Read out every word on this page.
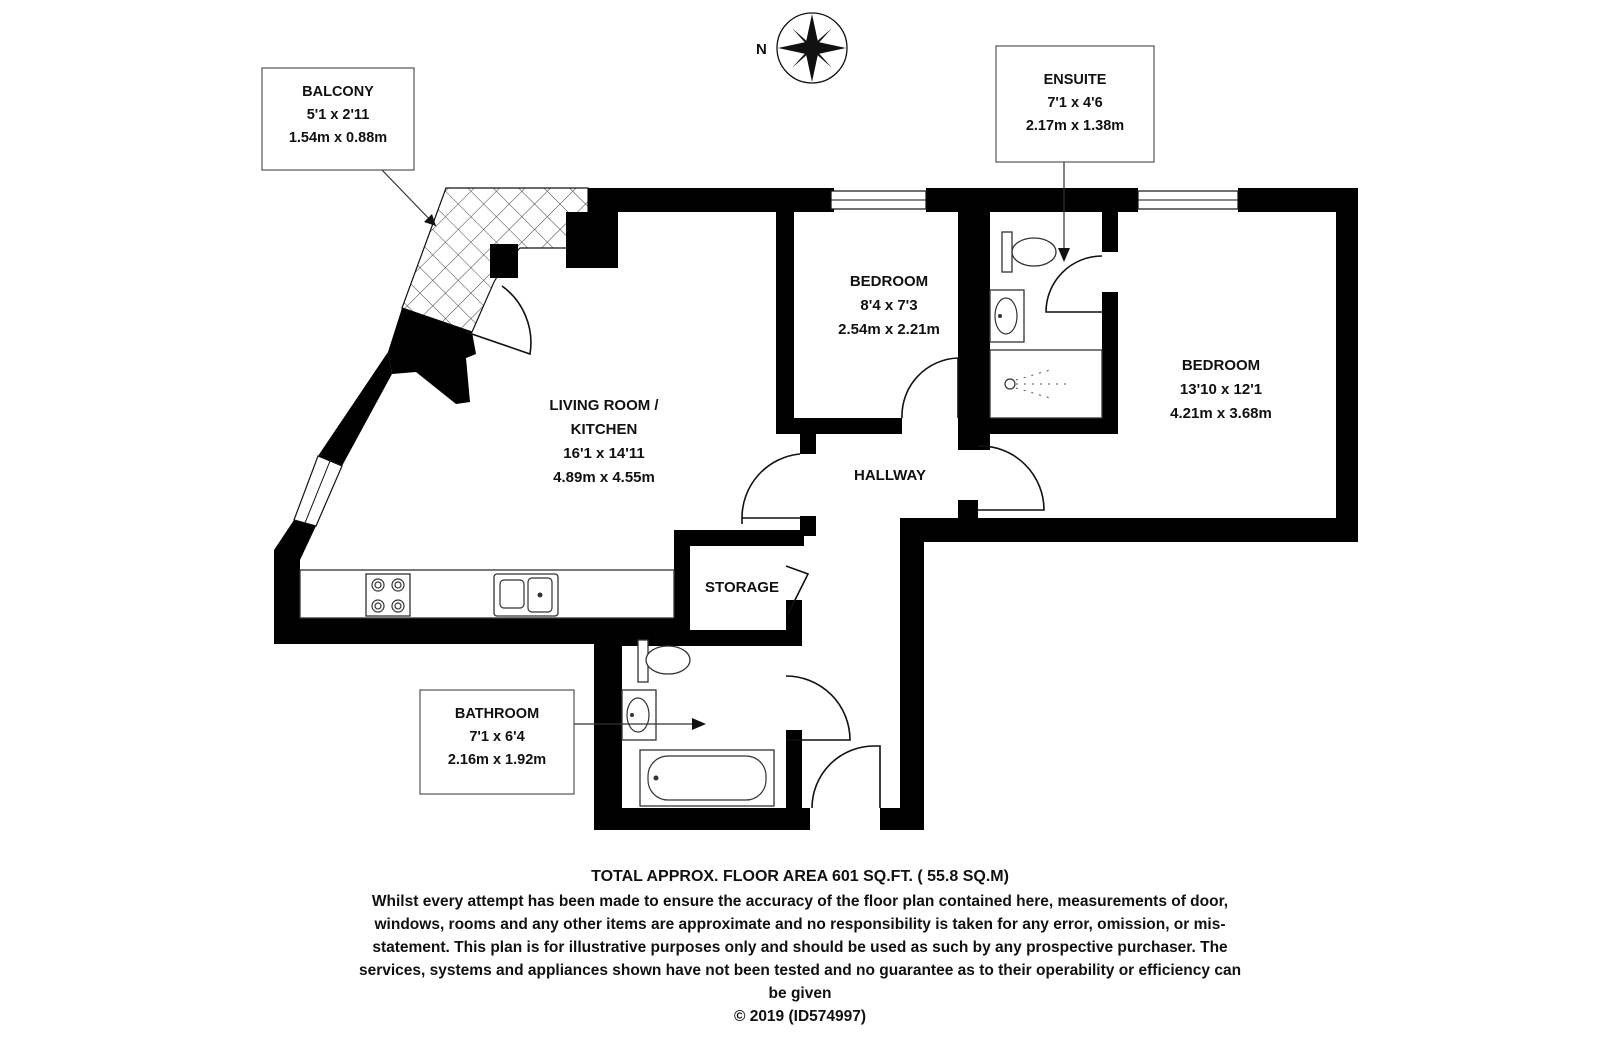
N
BALCONY
5'1 x 2'11
1.54m x 0.88m
ENSUITE
7'1 x 4'6
2.17m x 1.38m
BATHROOM
7'1 x 6'4
2.16m x 1.92m
BEDROOM
8'4 x 7'3
2.54m x 2.21m
BEDROOM
13'10 x 12'1
4.21m x 3.68m
LIVING ROOM /
KITCHEN
16'1 x 14'11
4.89m x 4.55m	HALLWAY
STORAGE
TOTAL APPROX. FLOOR AREA 601 SQ.FT. ( 55.8 SQ.M)
Whilst every attempt has been made to ensure the accuracy of the floor plan contained here, measurements of door, windows, rooms and any other items are approximate and no responsibility is taken for any error, omission, or mis-statement. This plan is for illustrative purposes only and should be used as such by any prospective purchaser. The services, systems and appliances shown have not been tested and no guarantee as to their operability or efficiency can be given
© 2019 (ID574997)
